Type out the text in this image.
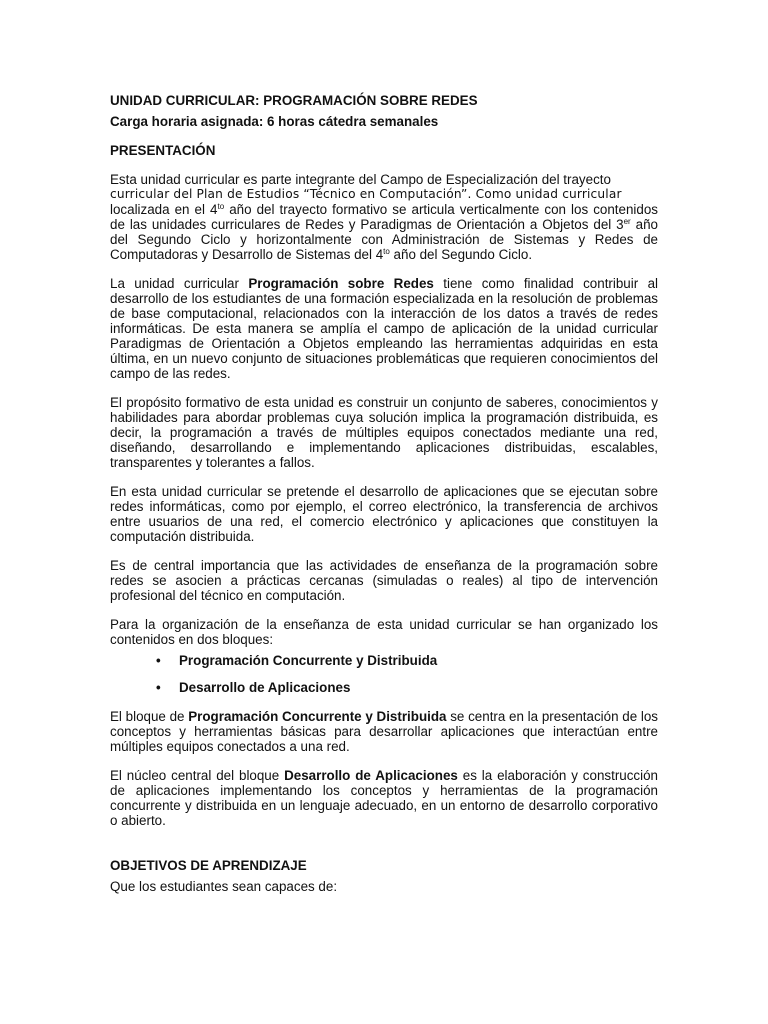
UNIDAD CURRICULAR: PROGRAMACIÓN SOBRE REDES
Carga horaria asignada: 6 horas cátedra semanales
PRESENTACIÓN

Esta unidad curricular es parte integrante del Campo de Especialización del trayecto
curricular del Plan de Estudios “Técnico en Computación”. Como unidad curricular
localizada en el $4^{to}$ año del trayecto formativo se articula verticalmente con los contenidos de las unidades curriculares de Redes y Paradigmas de Orientación a Objetos del 3er año del Segundo Ciclo y horizontalmente con Administración de Sistemas y Redes de Computadoras y Desarrollo de Sistemas del $4^{to}$ año del Segundo Ciclo.

La unidad curricular Programación sobre Redes tiene como finalidad contribuir al desarrollo de los estudiantes de una formación especializada en la resolución de problemas de base computacional, relacionados con la interacción de los datos a través de redes informáticas. De esta manera se amplía el campo de aplicación de la unidad curricular Paradigmas de Orientación a Objetos empleando las herramientas adquiridas en esta última, en un nuevo conjunto de situaciones problemáticas que requieren conocimientos del campo de las redes.

El propósito formativo de esta unidad es construir un conjunto de saberes, conocimientos y habilidades para abordar problemas cuya solución implica la programación distribuida, es decir, la programación a través de múltiples equipos conectados mediante una red, diseñando, desarrollando e implementando aplicaciones distribuidas, escalables, transparentes y tolerantes a fallos.

En esta unidad curricular se pretende el desarrollo de aplicaciones que se ejecutan sobre redes informáticas, como por ejemplo, el correo electrónico, la transferencia de archivos entre usuarios de una red, el comercio electrónico y aplicaciones que constituyen la computación distribuida.

Es de central importancia que las actividades de enseñanza de la programación sobre redes se asocien a prácticas cercanas (simuladas o reales) al tipo de intervención profesional del técnico en computación.

Para la organización de la enseñanza de esta unidad curricular se han organizado los contenidos en dos bloques:

• Programación Concurrente y Distribuida
• Desarrollo de Aplicaciones

El bloque de Programación Concurrente y Distribuida se centra en la presentación de los conceptos y herramientas básicas para desarrollar aplicaciones que interactúan entre múltiples equipos conectados a una red.

El núcleo central del bloque Desarrollo de Aplicaciones es la elaboración y construcción de aplicaciones implementando los conceptos y herramientas de la programación concurrente y distribuida en un lenguaje adecuado, en un entorno de desarrollo corporativo o abierto.

OBJETIVOS DE APRENDIZAJE

Que los estudiantes sean capaces de:
